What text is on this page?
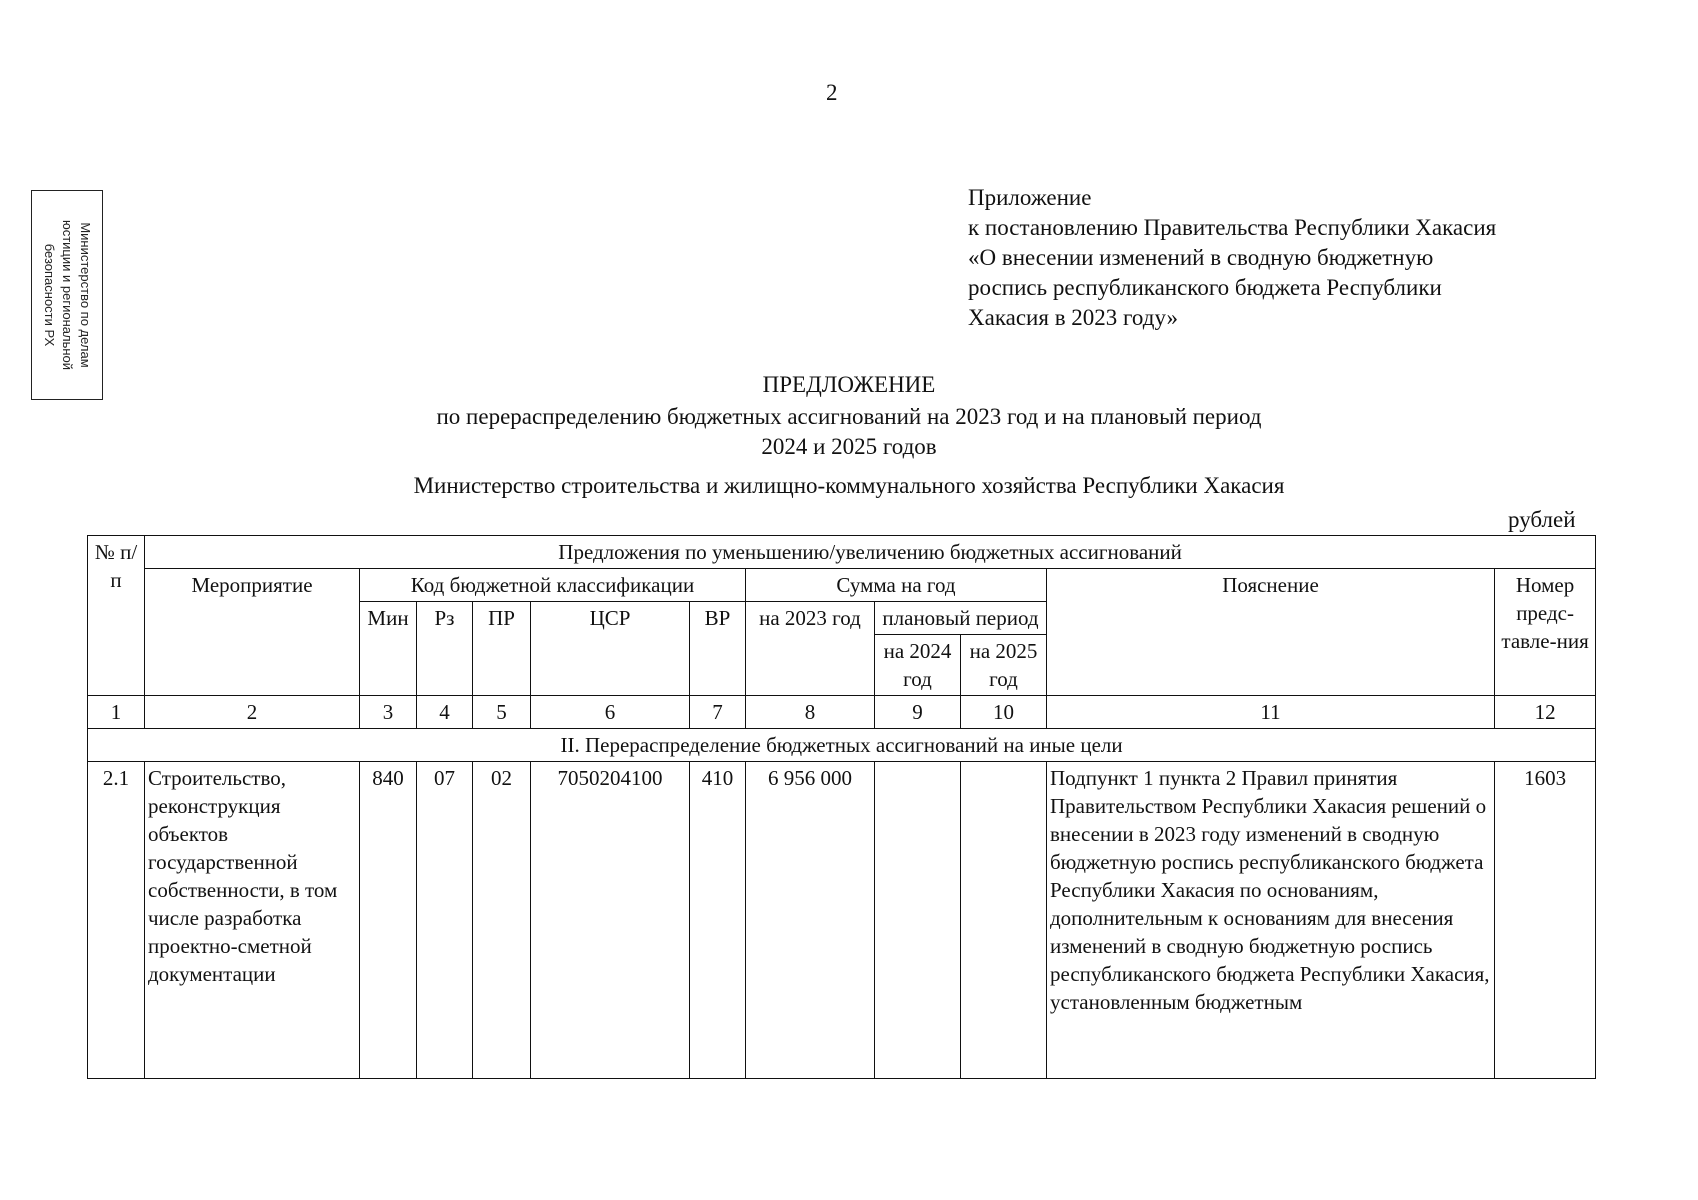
2
Министерство по делам
юстиции и региональной
безопасности РХ
Приложение
к постановлению Правительства Республики Хакасия
«О внесении изменений в сводную бюджетную
роспись республиканского бюджета Республики
Хакасия в 2023 году»
ПРЕДЛОЖЕНИЕ
по перераспределению бюджетных ассигнований на 2023 год и на плановый период
2024 и 2025 годов
Министерство строительства и жилищно-коммунального хозяйства Республики Хакасия
рублей
№ п/п	Предложения по уменьшению/увеличению бюджетных ассигнований										
	Мероприятие	Код бюджетной классификации					Сумма на год			Пояснение	Номер предс-тавле-ния
		Мин	Рз	ПР	ЦСР	ВР	на 2023 год	плановый период			
								на 2024 год	на 2025 год		

1	2	3	4	5	6	7	8	9	10	11	12
II. Перераспределение бюджетных ассигнований на иные цели											
2.1	Строительство, реконструкция объектов государственной собственности, в том числе разработка проектно-сметной документации	840	07	02	7050204100	410	6 956 000			Подпункт 1 пункта 2 Правил принятия Правительством Республики Хакасия решений о внесении в 2023 году изменений в сводную бюджетную роспись республиканского бюджета Республики Хакасия по основаниям, дополнительным к основаниям для внесения изменений в сводную бюджетную роспись республиканского бюджета Республики Хакасия, установленным бюджетным	1603
